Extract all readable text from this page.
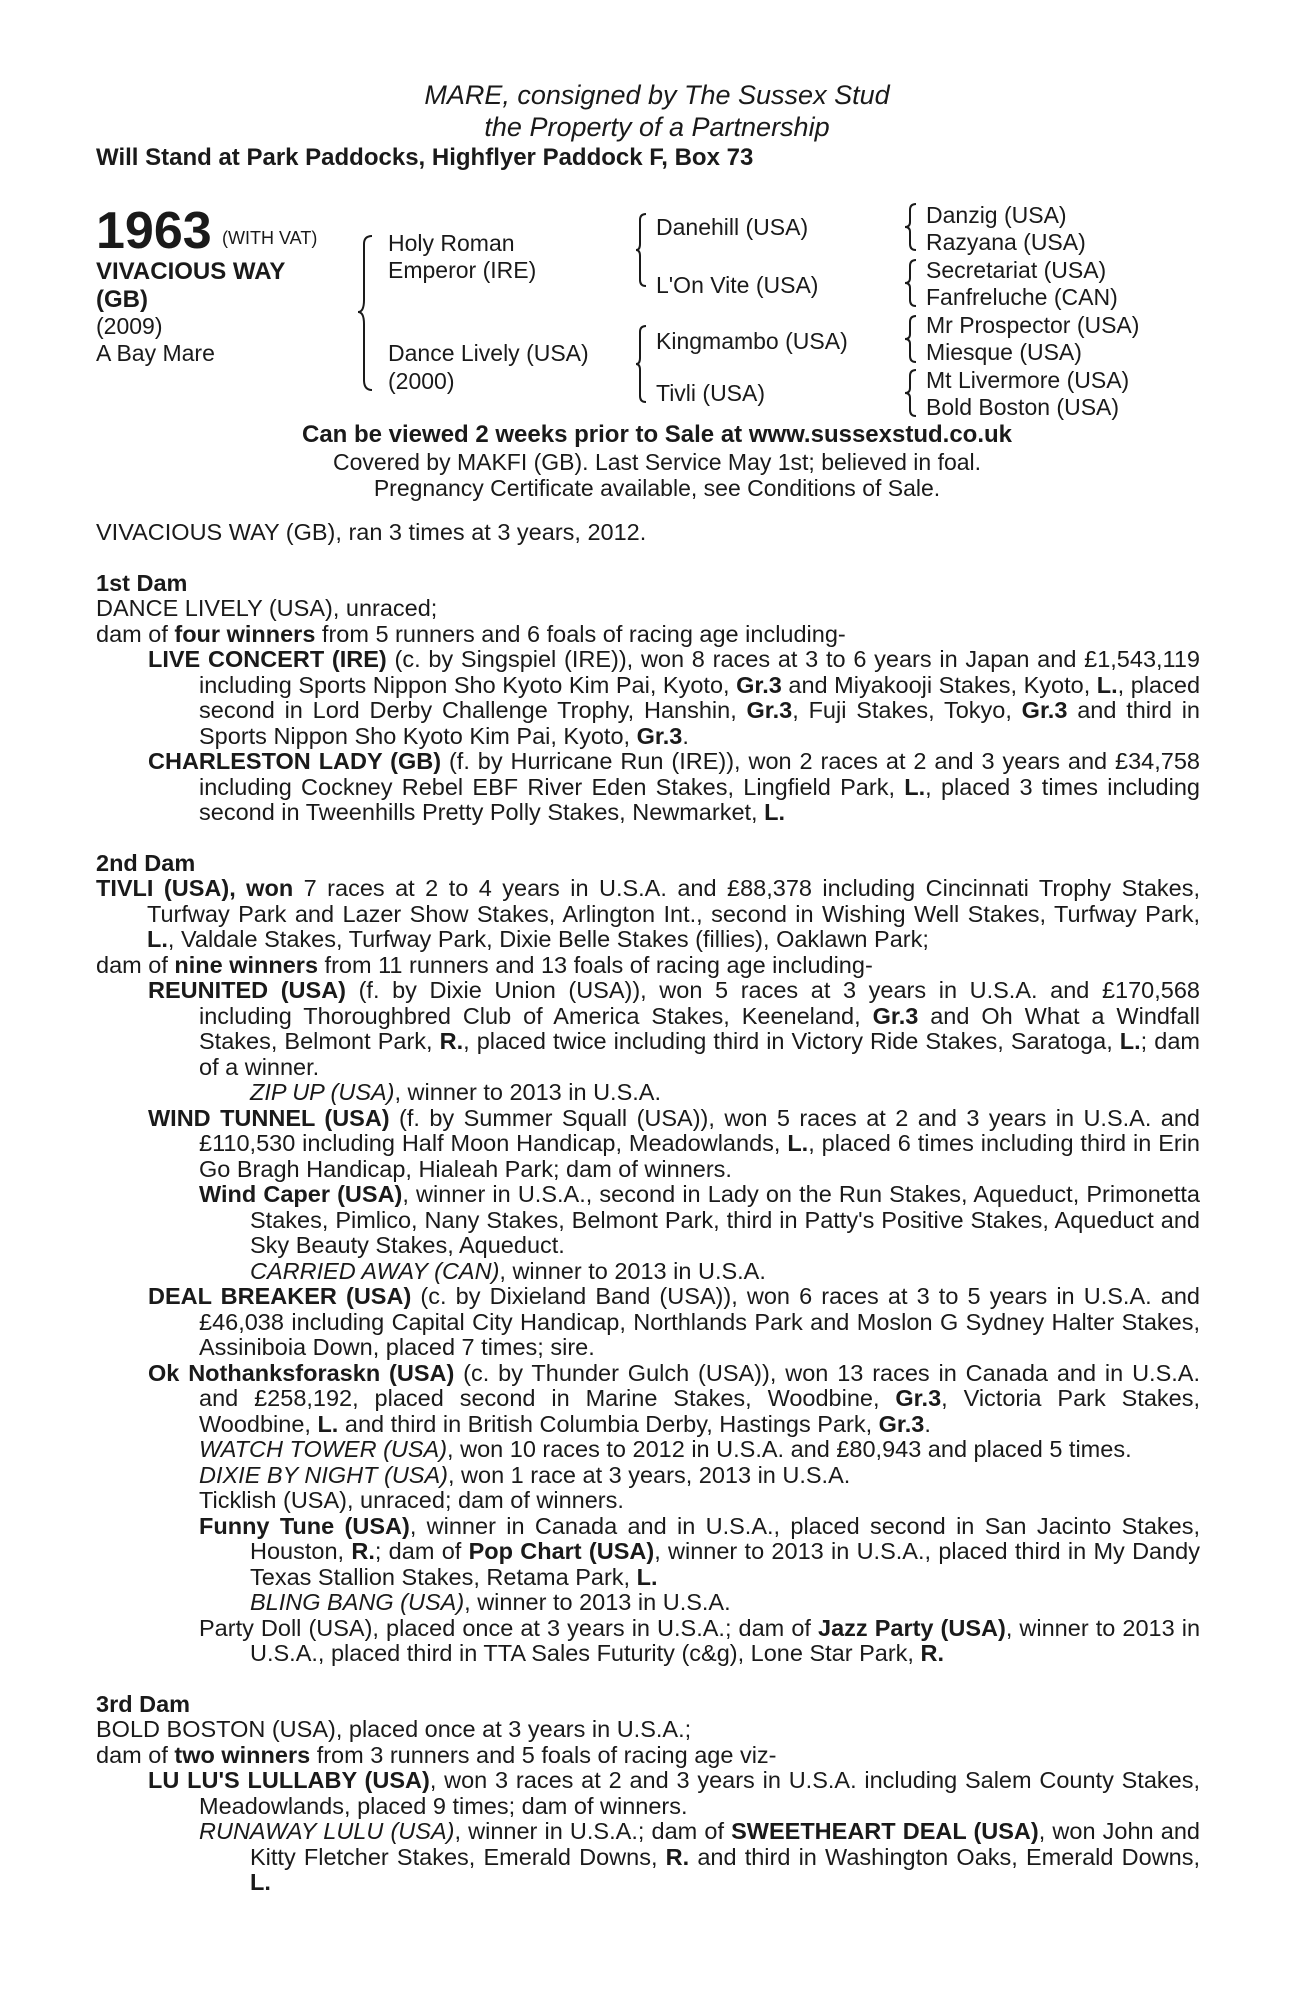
MARE, consigned by The Sussex Stud
the Property of a Partnership
Will Stand at Park Paddocks, Highflyer Paddock F, Box 73
1963 (WITH VAT)
VIVACIOUS WAY (GB)
(2009)
A Bay Mare
Holy Roman Emperor (IRE)
Dance Lively (USA)
(2000)
Danehill (USA)
L'On Vite (USA)
Kingmambo (USA)
Tivli (USA)
Danzig (USA)
Razyana (USA)
Secretariat (USA)
Fanfreluche (CAN)
Mr Prospector (USA)
Miesque (USA)
Mt Livermore (USA)
Bold Boston (USA)
Can be viewed 2 weeks prior to Sale at www.sussexstud.co.uk
Covered by MAKFI (GB). Last Service May 1st; believed in foal.
Pregnancy Certificate available, see Conditions of Sale.

VIVACIOUS WAY (GB), ran 3 times at 3 years, 2012.

1st Dam

DANCE LIVELY (USA), unraced;

dam of four winners from 5 runners and 6 foals of racing age including-

LIVE CONCERT (IRE) (c. by Singspiel (IRE)), won 8 races at 3 to 6 years in Japan and £1,543,119 including Sports Nippon Sho Kyoto Kim Pai, Kyoto, Gr.3 and Miyakooji Stakes, Kyoto, L., placed second in Lord Derby Challenge Trophy, Hanshin, Gr.3, Fuji Stakes, Tokyo, Gr.3 and third in Sports Nippon Sho Kyoto Kim Pai, Kyoto, Gr.3.

CHARLESTON LADY (GB) (f. by Hurricane Run (IRE)), won 2 races at 2 and 3 years and £34,758 including Cockney Rebel EBF River Eden Stakes, Lingfield Park, L., placed 3 times including second in Tweenhills Pretty Polly Stakes, Newmarket, L.

2nd Dam

TIVLI (USA), won 7 races at 2 to 4 years in U.S.A. and £88,378 including Cincinnati Trophy Stakes, Turfway Park and Lazer Show Stakes, Arlington Int., second in Wishing Well Stakes, Turfway Park, L., Valdale Stakes, Turfway Park, Dixie Belle Stakes (fillies), Oaklawn Park;

dam of nine winners from 11 runners and 13 foals of racing age including-

REUNITED (USA) (f. by Dixie Union (USA)), won 5 races at 3 years in U.S.A. and £170,568 including Thoroughbred Club of America Stakes, Keeneland, Gr.3 and Oh What a Windfall Stakes, Belmont Park, R., placed twice including third in Victory Ride Stakes, Saratoga, L.; dam of a winner.

ZIP UP (USA), winner to 2013 in U.S.A.

WIND TUNNEL (USA) (f. by Summer Squall (USA)), won 5 races at 2 and 3 years in U.S.A. and £110,530 including Half Moon Handicap, Meadowlands, L., placed 6 times including third in Erin Go Bragh Handicap, Hialeah Park; dam of winners.

Wind Caper (USA), winner in U.S.A., second in Lady on the Run Stakes, Aqueduct, Primonetta Stakes, Pimlico, Nany Stakes, Belmont Park, third in Patty's Positive Stakes, Aqueduct and Sky Beauty Stakes, Aqueduct.

CARRIED AWAY (CAN), winner to 2013 in U.S.A.

DEAL BREAKER (USA) (c. by Dixieland Band (USA)), won 6 races at 3 to 5 years in U.S.A. and £46,038 including Capital City Handicap, Northlands Park and Moslon G Sydney Halter Stakes, Assiniboia Down, placed 7 times; sire.

Ok Nothanksforaskn (USA) (c. by Thunder Gulch (USA)), won 13 races in Canada and in U.S.A. and £258,192, placed second in Marine Stakes, Woodbine, Gr.3, Victoria Park Stakes, Woodbine, L. and third in British Columbia Derby, Hastings Park, Gr.3.

WATCH TOWER (USA), won 10 races to 2012 in U.S.A. and £80,943 and placed 5 times.

DIXIE BY NIGHT (USA), won 1 race at 3 years, 2013 in U.S.A.

Ticklish (USA), unraced; dam of winners.

Funny Tune (USA), winner in Canada and in U.S.A., placed second in San Jacinto Stakes, Houston, R.; dam of Pop Chart (USA), winner to 2013 in U.S.A., placed third in My Dandy Texas Stallion Stakes, Retama Park, L.

BLING BANG (USA), winner to 2013 in U.S.A.

Party Doll (USA), placed once at 3 years in U.S.A.; dam of Jazz Party (USA), winner to 2013 in U.S.A., placed third in TTA Sales Futurity (c&g), Lone Star Park, R.

3rd Dam

BOLD BOSTON (USA), placed once at 3 years in U.S.A.;

dam of two winners from 3 runners and 5 foals of racing age viz-

LU LU'S LULLABY (USA), won 3 races at 2 and 3 years in U.S.A. including Salem County Stakes, Meadowlands, placed 9 times; dam of winners.

RUNAWAY LULU (USA), winner in U.S.A.; dam of SWEETHEART DEAL (USA), won John and Kitty Fletcher Stakes, Emerald Downs, R. and third in Washington Oaks, Emerald Downs, L.
